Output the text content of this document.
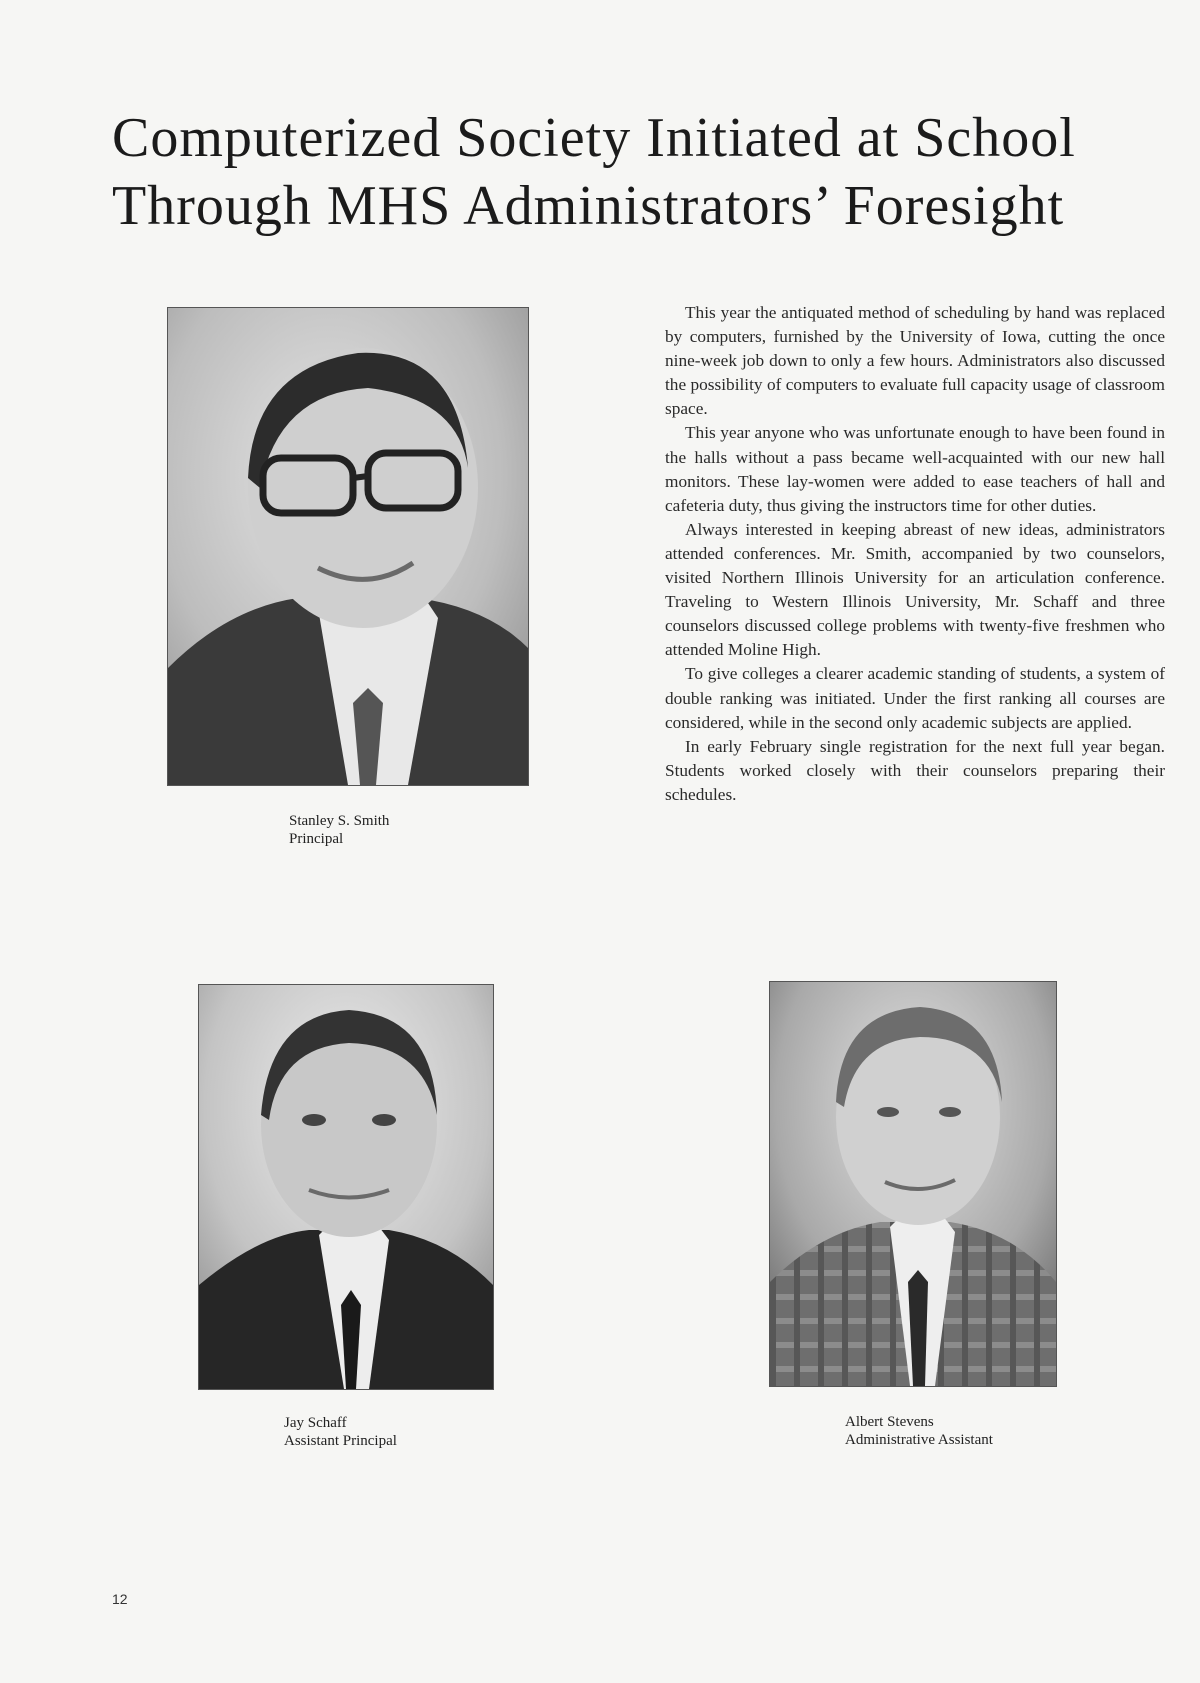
Computerized Society Initiated at School
Through MHS Administrators’ Foresight
Stanley S. Smith
Principal

This year the antiquated method of scheduling by hand was replaced by computers, furnished by the University of Iowa, cutting the once nine-week job down to only a few hours. Administrators also discussed the possibility of computers to evaluate full capacity usage of classroom space.

This year anyone who was unfortunate enough to have been found in the halls without a pass became well-acquainted with our new hall monitors. These lay-women were added to ease teachers of hall and cafeteria duty, thus giving the instructors time for other duties.

Always interested in keeping abreast of new ideas, administrators attended conferences. Mr. Smith, accompanied by two counselors, visited Northern Illinois University for an articulation conference. Traveling to Western Illinois University, Mr. Schaff and three counselors discussed college problems with twenty-five freshmen who attended Moline High.

To give colleges a clearer academic standing of students, a system of double ranking was initiated. Under the first ranking all courses are considered, while in the second only academic subjects are applied.

In early February single registration for the next full year began. Students worked closely with their counselors preparing their schedules.

Jay Schaff
Assistant Principal
Albert Stevens
Administrative Assistant
12
